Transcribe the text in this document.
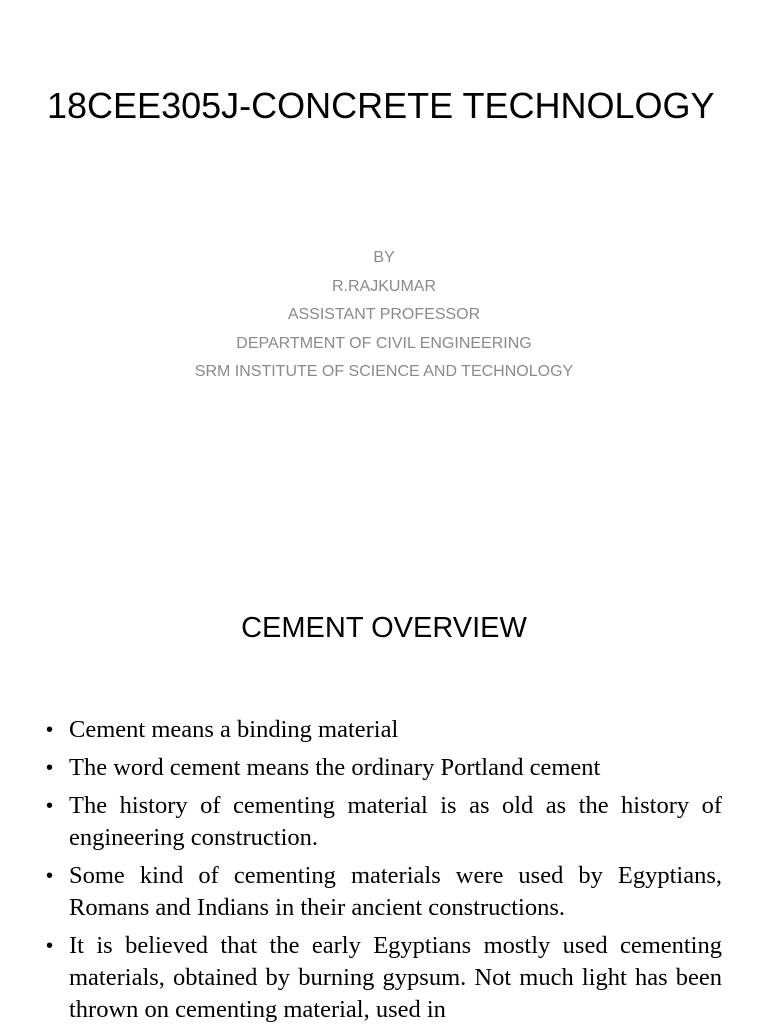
18CEE305J-CONCRETE TECHNOLOGY
BY
R.RAJKUMAR
ASSISTANT PROFESSOR
DEPARTMENT OF CIVIL ENGINEERING
SRM INSTITUTE OF SCIENCE AND TECHNOLOGY
CEMENT OVERVIEW
• Cement means a binding material
• The word cement means the ordinary Portland cement
• The history of cementing material is as old as the history of engineering construction.
• Some kind of cementing materials were used by Egyptians, Romans and Indians in their ancient constructions.
• It is believed that the early Egyptians mostly used cementing materials, obtained by burning gypsum. Not much light has been thrown on cementing material, used in
